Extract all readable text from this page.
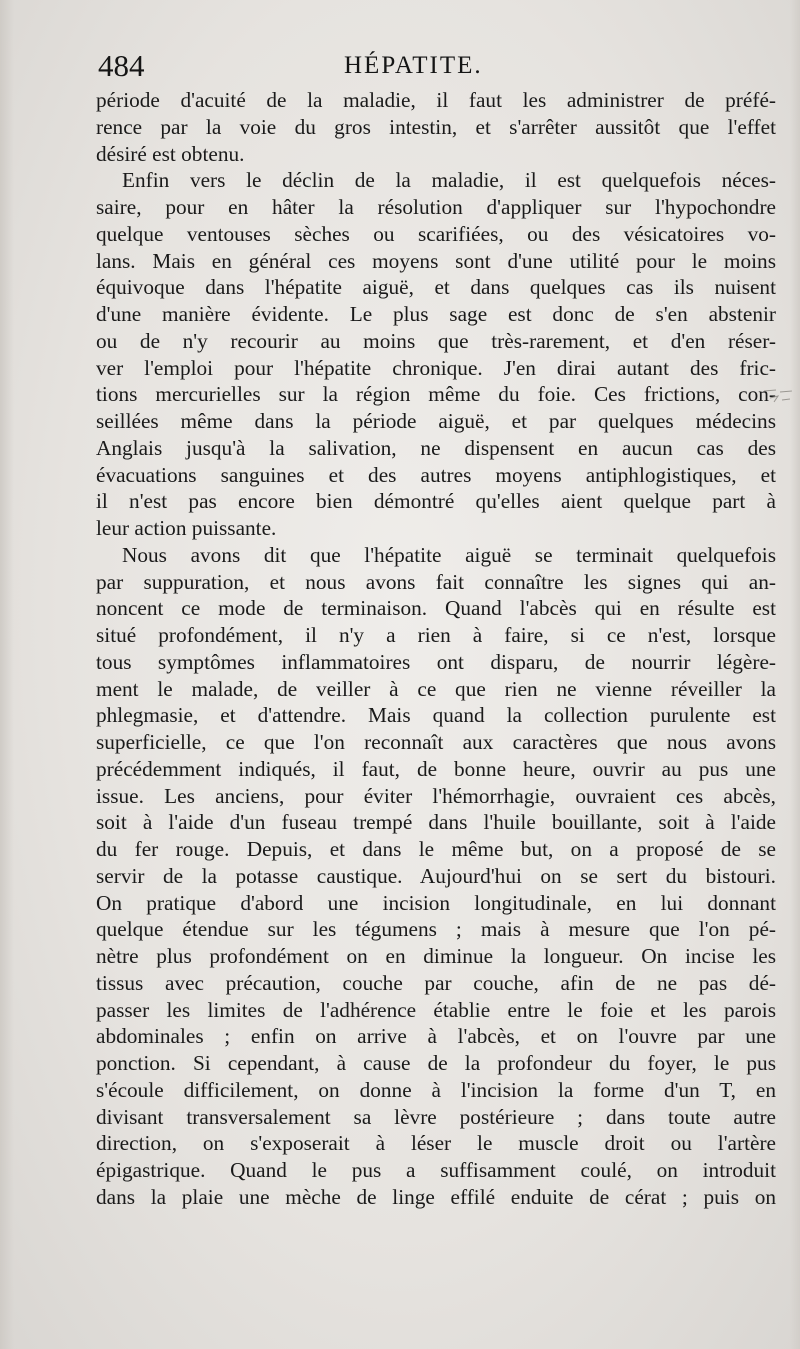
484	HÉPATITE.

période d'acuité de la maladie, il faut les administrer de préfé-
rence par la voie du gros intestin, et s'arrêter aussitôt que l'effet
désiré est obtenu.

Enfin vers le déclin de la maladie, il est quelquefois néces-
saire, pour en hâter la résolution d'appliquer sur l'hypochondre
quelque ventouses sèches ou scarifiées, ou des vésicatoires vo-
lans. Mais en général ces moyens sont d'une utilité pour le moins
équivoque dans l'hépatite aiguë, et dans quelques cas ils nuisent
d'une manière évidente. Le plus sage est donc de s'en abstenir
ou de n'y recourir au moins que très-rarement, et d'en réser-
ver l'emploi pour l'hépatite chronique. J'en dirai autant des fric-
tions mercurielles sur la région même du foie. Ces frictions, con-
seillées même dans la période aiguë, et par quelques médecins
Anglais jusqu'à la salivation, ne dispensent en aucun cas des
évacuations sanguines et des autres moyens antiphlogistiques, et
il n'est pas encore bien démontré qu'elles aient quelque part à
leur action puissante.

Nous avons dit que l'hépatite aiguë se terminait quelquefois
par suppuration, et nous avons fait connaître les signes qui an-
noncent ce mode de terminaison. Quand l'abcès qui en résulte est
situé profondément, il n'y a rien à faire, si ce n'est, lorsque
tous symptômes inflammatoires ont disparu, de nourrir légère-
ment le malade, de veiller à ce que rien ne vienne réveiller la
phlegmasie, et d'attendre. Mais quand la collection purulente est
superficielle, ce que l'on reconnaît aux caractères que nous avons
précédemment indiqués, il faut, de bonne heure, ouvrir au pus une
issue. Les anciens, pour éviter l'hémorrhagie, ouvraient ces abcès,
soit à l'aide d'un fuseau trempé dans l'huile bouillante, soit à l'aide
du fer rouge. Depuis, et dans le même but, on a proposé de se
servir de la potasse caustique. Aujourd'hui on se sert du bistouri.
On pratique d'abord une incision longitudinale, en lui donnant
quelque étendue sur les tégumens ; mais à mesure que l'on pé-
nètre plus profondément on en diminue la longueur. On incise les
tissus avec précaution, couche par couche, afin de ne pas dé-
passer les limites de l'adhérence établie entre le foie et les parois
abdominales ; enfin on arrive à l'abcès, et on l'ouvre par une
ponction. Si cependant, à cause de la profondeur du foyer, le pus
s'écoule difficilement, on donne à l'incision la forme d'un T, en
divisant transversalement sa lèvre postérieure ; dans toute autre
direction, on s'exposerait à léser le muscle droit ou l'artère
épigastrique. Quand le pus a suffisamment coulé, on introduit
dans la plaie une mèche de linge effilé enduite de cérat ; puis on
